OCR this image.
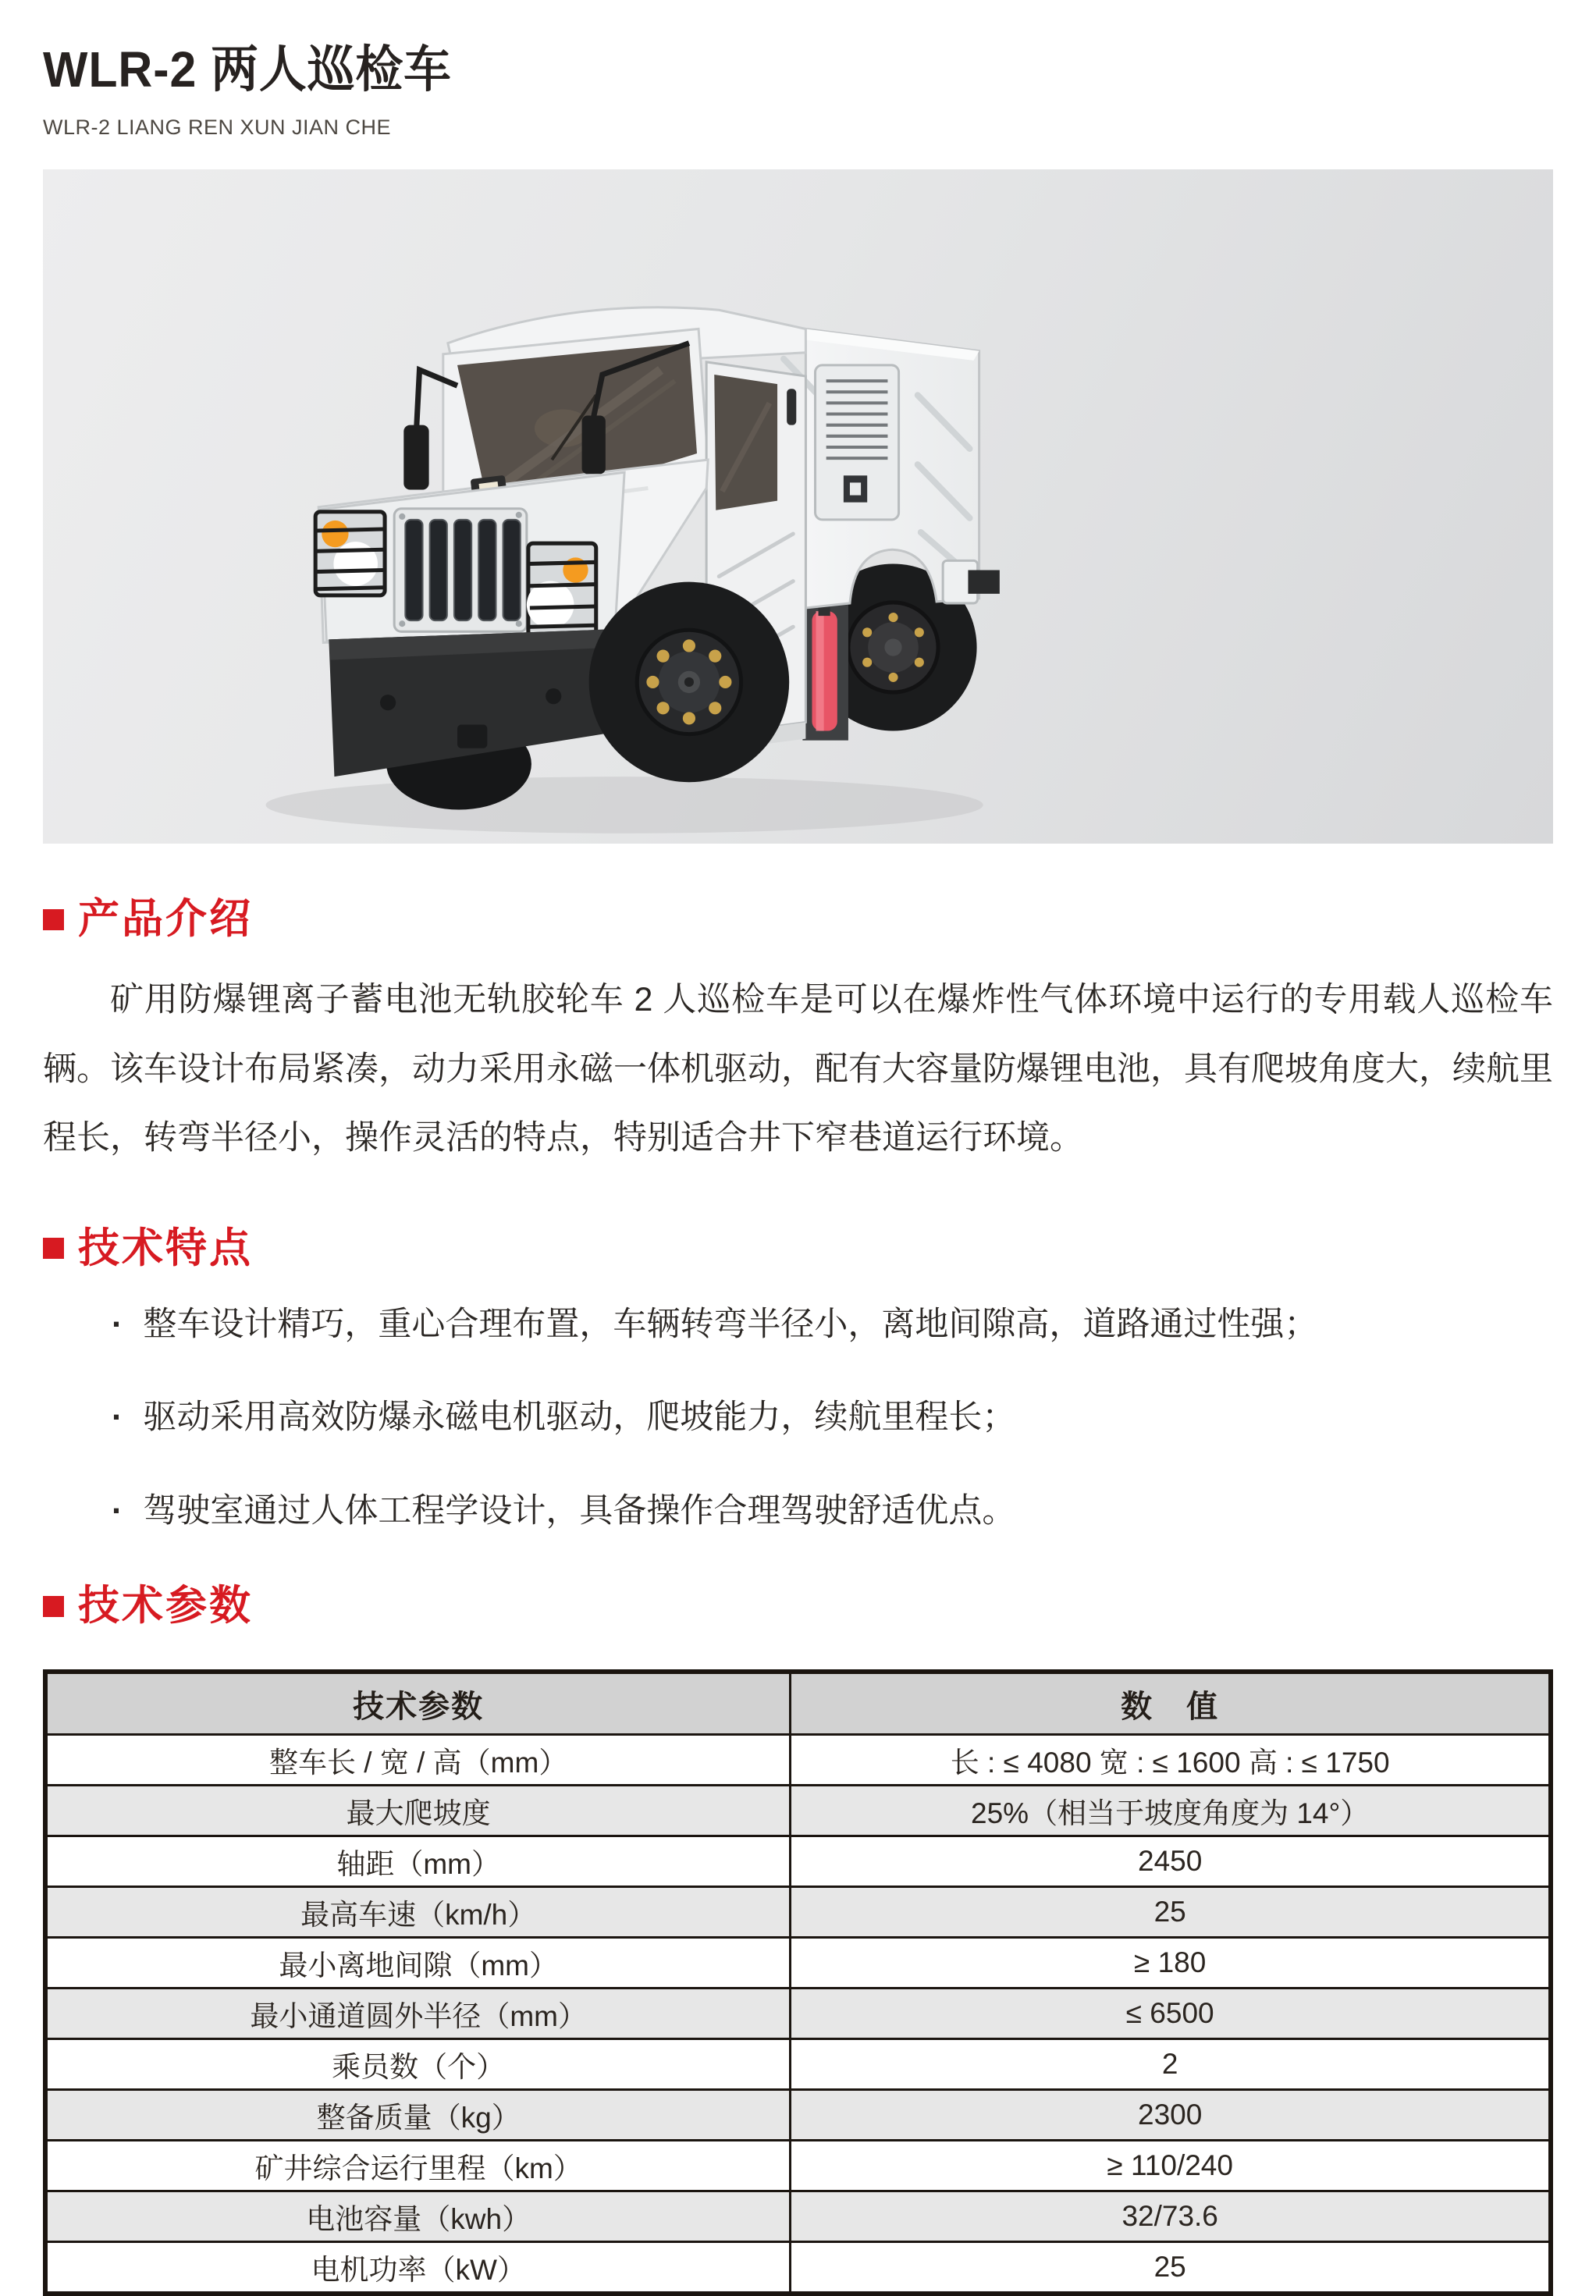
WLR-2 两人巡检车
WLR-2 LIANG REN XUN JIAN CHE
产品介绍

矿用防爆锂离子蓄电池无轨胶轮车 2 人巡检车是可以在爆炸性气体环境中运行的专用载人巡检车辆。该车设计布局紧凑，动力采用永磁一体机驱动，配有大容量防爆锂电池，具有爬坡角度大，续航里程长，转弯半径小，操作灵活的特点，特别适合井下窄巷道运行环境。

技术特点
· 整车设计精巧，重心合理布置，车辆转弯半径小，离地间隙高，道路通过性强；
· 驱动采用高效防爆永磁电机驱动，爬坡能力，续航里程长；
· 驾驶室通过人体工程学设计，具备操作合理驾驶舒适优点。
技术参数
技术参数	数　值
整车长 / 宽 / 高（mm）	长 : ≤ 4080 宽 : ≤ 1600 高 : ≤ 1750
最大爬坡度	25%（相当于坡度角度为 14°）
轴距（mm）	2450
最高车速（km/h）	25
最小离地间隙（mm）	≥ 180
最小通道圆外半径（mm）	≤ 6500
乘员数（个）	2
整备质量（kg）	2300
矿井综合运行里程（km）	≥ 110/240
电池容量（kwh）	32/73.6
电机功率（kW）	25
